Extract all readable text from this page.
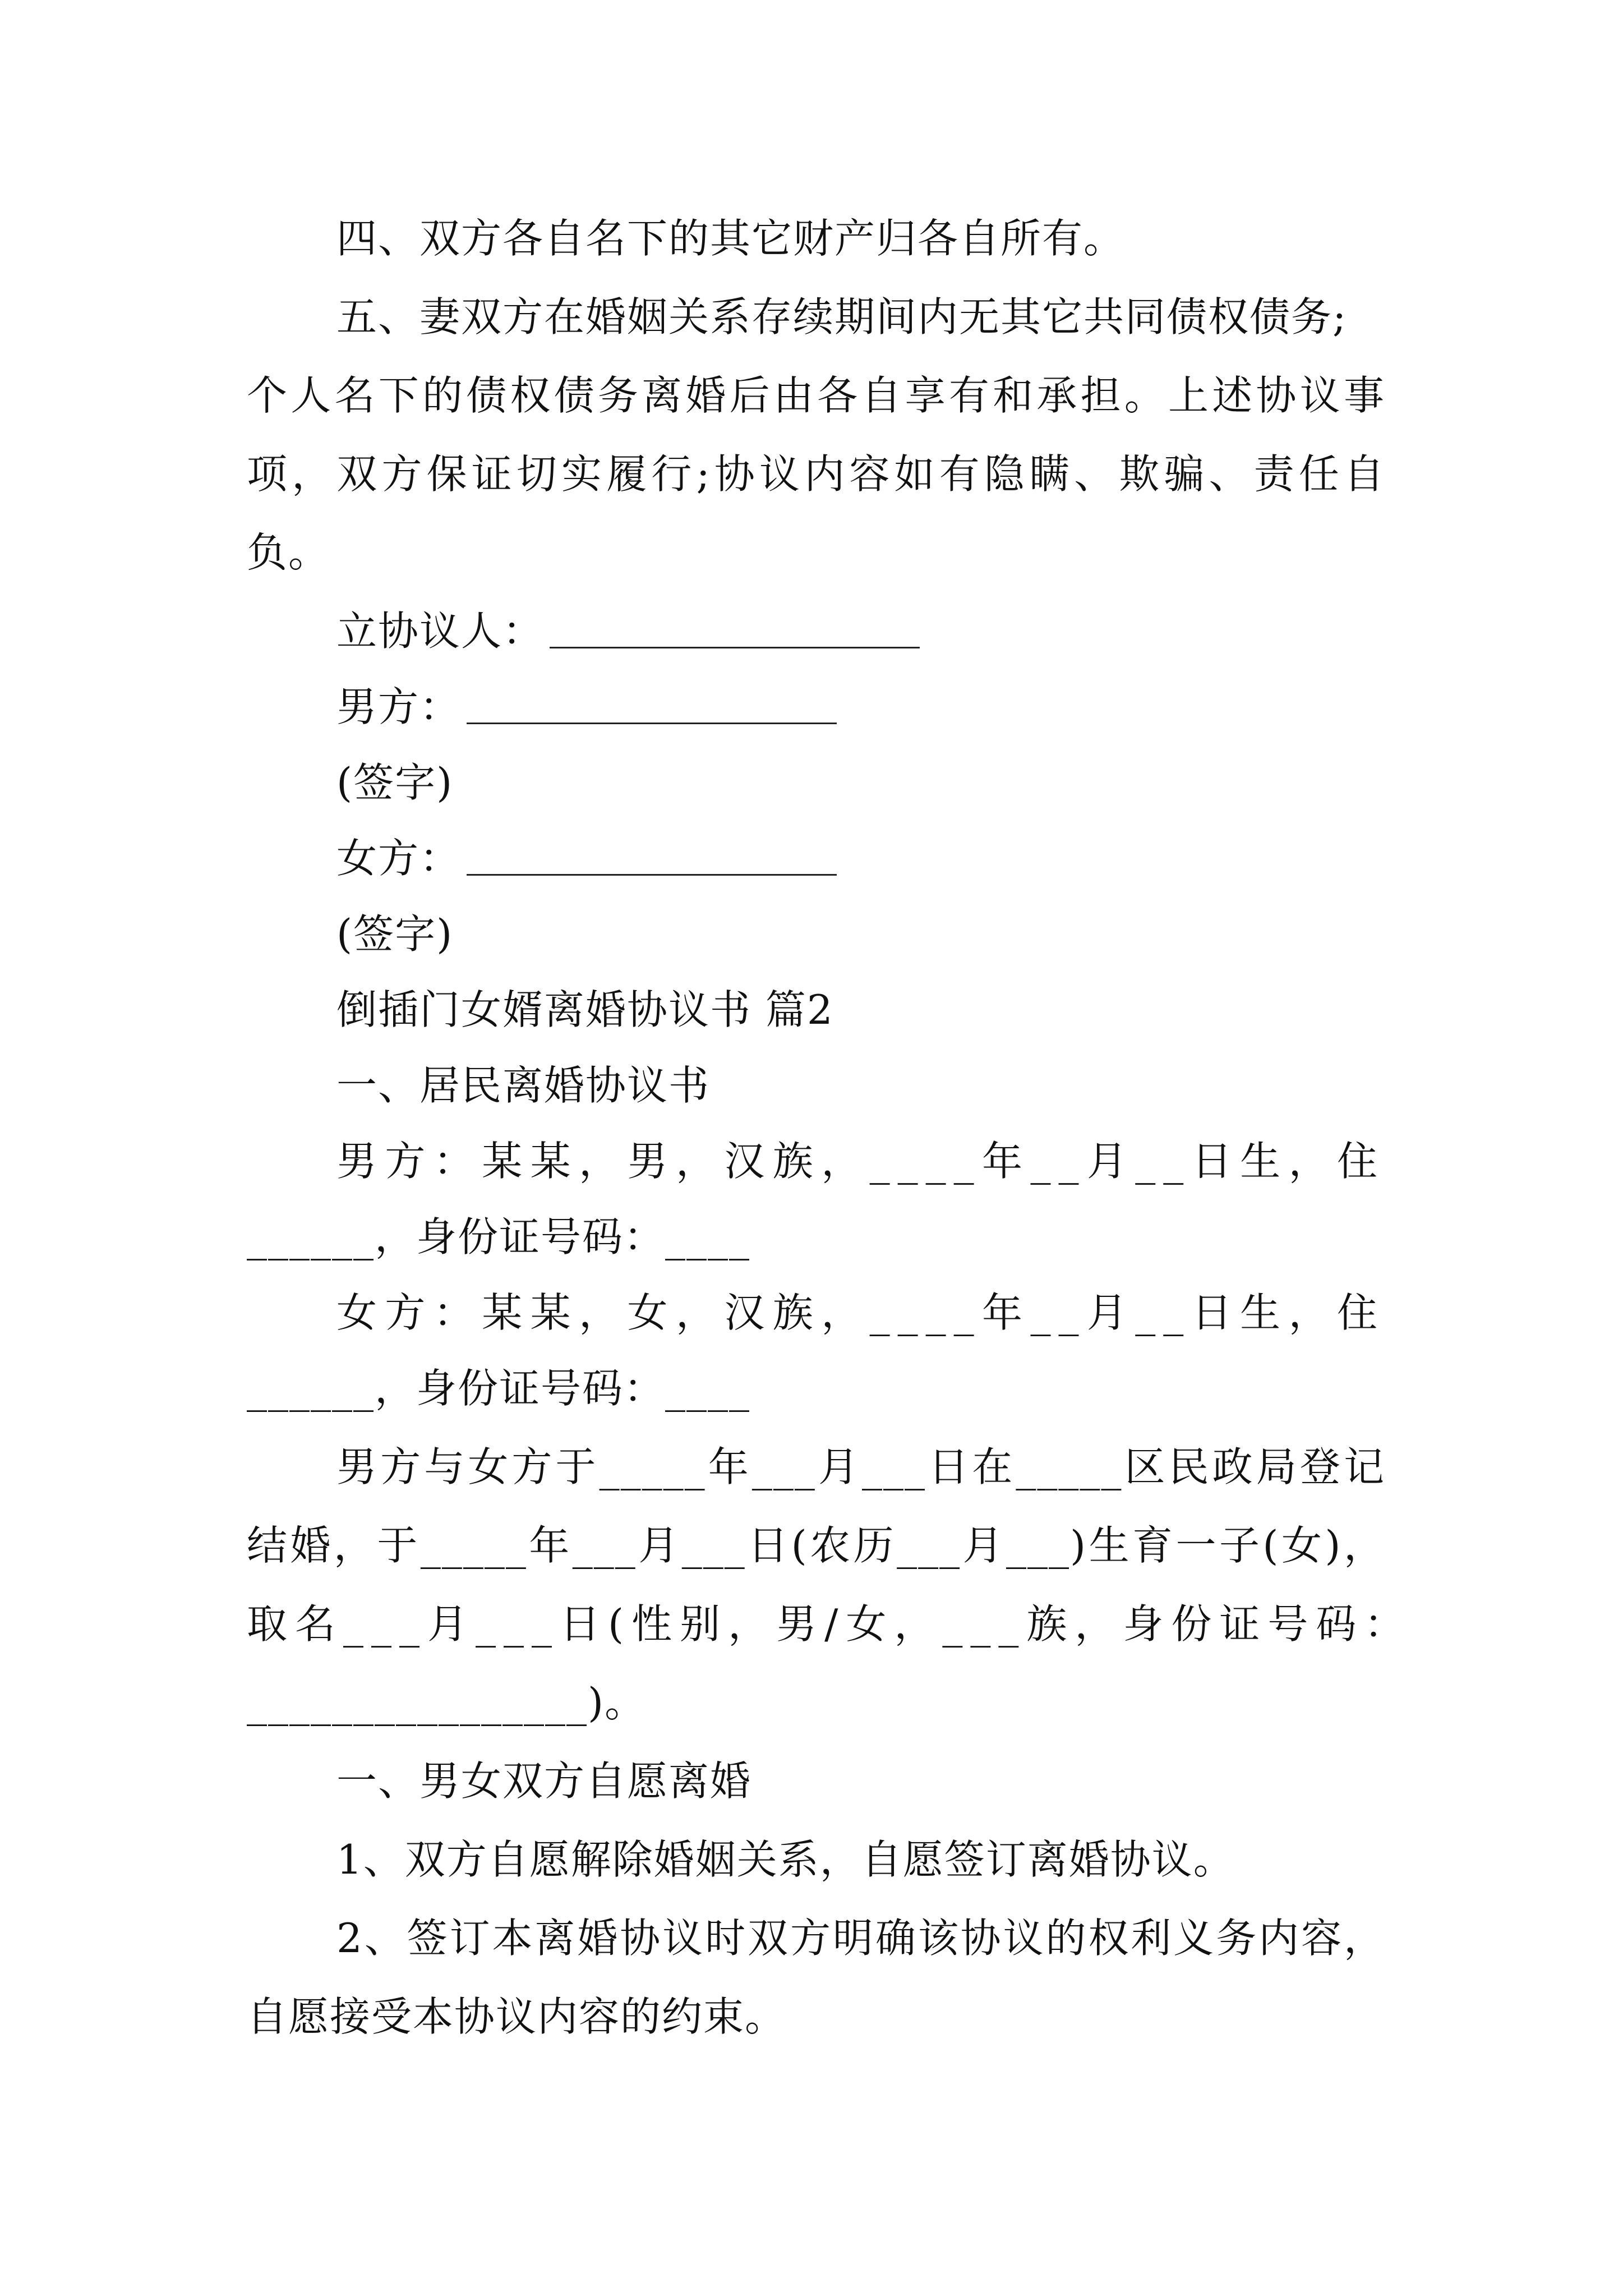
四、双方各自名下的其它财产归各自所有。
五、妻双方在婚姻关系存续期间内无其它共同债权债务;
个人名下的债权债务离婚后由各自享有和承担。上述协议事
项，双方保证切实履行;协议内容如有隐瞒、欺骗、责任自
负。
立协议人：
男方：
(签字)
女方：
(签字)
倒插门女婿离婚协议书 篇2
一、居民离婚协议书
男方：某某，男，汉族，____年__月__日生，住
______，身份证号码：____
女方：某某，女，汉族，____年__月__日生，住
______，身份证号码：____
男方与女方于_____年___月___日在_____区民政局登记
结婚，于_____年___月___日(农历___月___)生育一子(女)，
取名___月___日(性别，男/女，___族，身份证号码：
________________)。
一、男女双方自愿离婚
1、双方自愿解除婚姻关系，自愿签订离婚协议。
2、签订本离婚协议时双方明确该协议的权利义务内容，
自愿接受本协议内容的约束。
